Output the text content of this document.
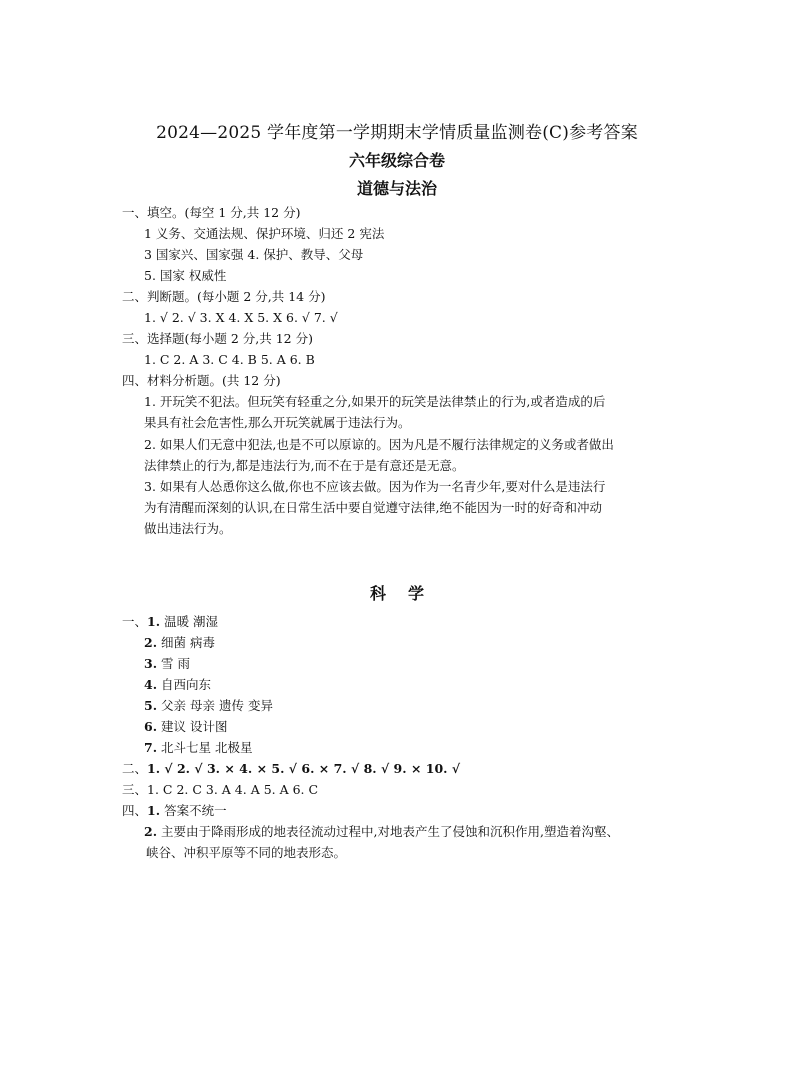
2024—2025 学年度第一学期期末学情质量监测卷(C)参考答案
六年级综合卷
道德与法治
一、填空。(每空 1 分,共 12 分)
1 义务、交通法规、保护环境、归还 2 宪法
3 国家兴、国家强 4. 保护、教导、父母
5. 国家 权威性
二、判断题。(每小题 2 分,共 14 分)
1. √ 2. √ 3. X 4. X 5. X 6. √ 7. √
三、选择题(每小题 2 分,共 12 分)
1. C 2. A 3. C 4. B 5. A 6. B
四、材料分析题。(共 12 分)
1. 开玩笑不犯法。但玩笑有轻重之分,如果开的玩笑是法律禁止的行为,或者造成的后
果具有社会危害性,那么开玩笑就属于违法行为。
2. 如果人们无意中犯法,也是不可以原谅的。因为凡是不履行法律规定的义务或者做出
法律禁止的行为,都是违法行为,而不在于是有意还是无意。
3. 如果有人怂恿你这么做,你也不应该去做。因为作为一名青少年,要对什么是违法行
为有清醒而深刻的认识,在日常生活中要自觉遵守法律,绝不能因为一时的好奇和冲动
做出违法行为。
科学
一、1. 温暖 潮湿
2. 细菌 病毒
3. 雪 雨
4. 自西向东
5. 父亲 母亲 遗传 变异
6. 建议 设计图
7. 北斗七星 北极星
二、1. √ 2. √ 3. × 4. × 5. √ 6. × 7. √ 8. √ 9. × 10. √
三、1. C 2. C 3. A 4. A 5. A 6. C
四、1. 答案不统一
2. 主要由于降雨形成的地表径流动过程中,对地表产生了侵蚀和沉积作用,塑造着沟壑、
峡谷、冲积平原等不同的地表形态。
